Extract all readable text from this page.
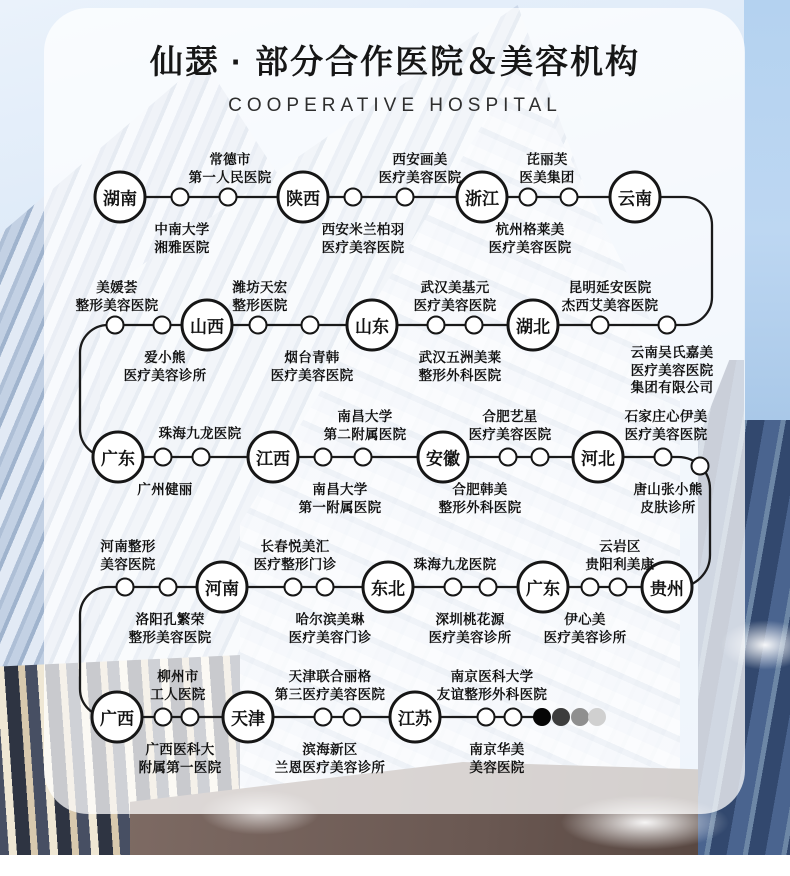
仙瑟 · 部分合作医院＆美容机构
COOPERATIVE HOSPITAL
湖南	陕西	浙江	云南
山西	山东	湖北
广东	江西	安徽	河北
河南	东北	广东	贵州
广西	天津	江苏
常德市
第一人民医院
中南大学
湘雅医院
西安画美
医疗美容医院
西安米兰柏羽
医疗美容医院
芘丽芙
医美集团
杭州格莱美
医疗美容医院
美媛荟
整形美容医院
爱小熊
医疗美容诊所
潍坊天宏
整形医院
烟台青韩
医疗美容医院
武汉美基元
医疗美容医院
武汉五洲美莱
整形外科医院
昆明延安医院
杰西艾美容医院
云南吴氏嘉美
医疗美容医院
集团有限公司
珠海九龙医院
广州健丽
南昌大学
第二附属医院
南昌大学
第一附属医院
合肥艺星
医疗美容医院
合肥韩美
整形外科医院
石家庄心伊美
医疗美容医院
唐山张小熊
皮肤诊所
河南整形
美容医院
洛阳孔繁荣
整形美容医院
长春悦美汇
医疗整形门诊
哈尔滨美琳
医疗美容门诊
珠海九龙医院
深圳桃花源
医疗美容诊所
云岩区
贵阳利美康
伊心美
医疗美容诊所
柳州市
工人医院
广西医科大
附属第一医院
天津联合丽格
第三医疗美容医院
滨海新区
兰恩医疗美容诊所
南京医科大学
友谊整形外科医院
南京华美
美容医院
